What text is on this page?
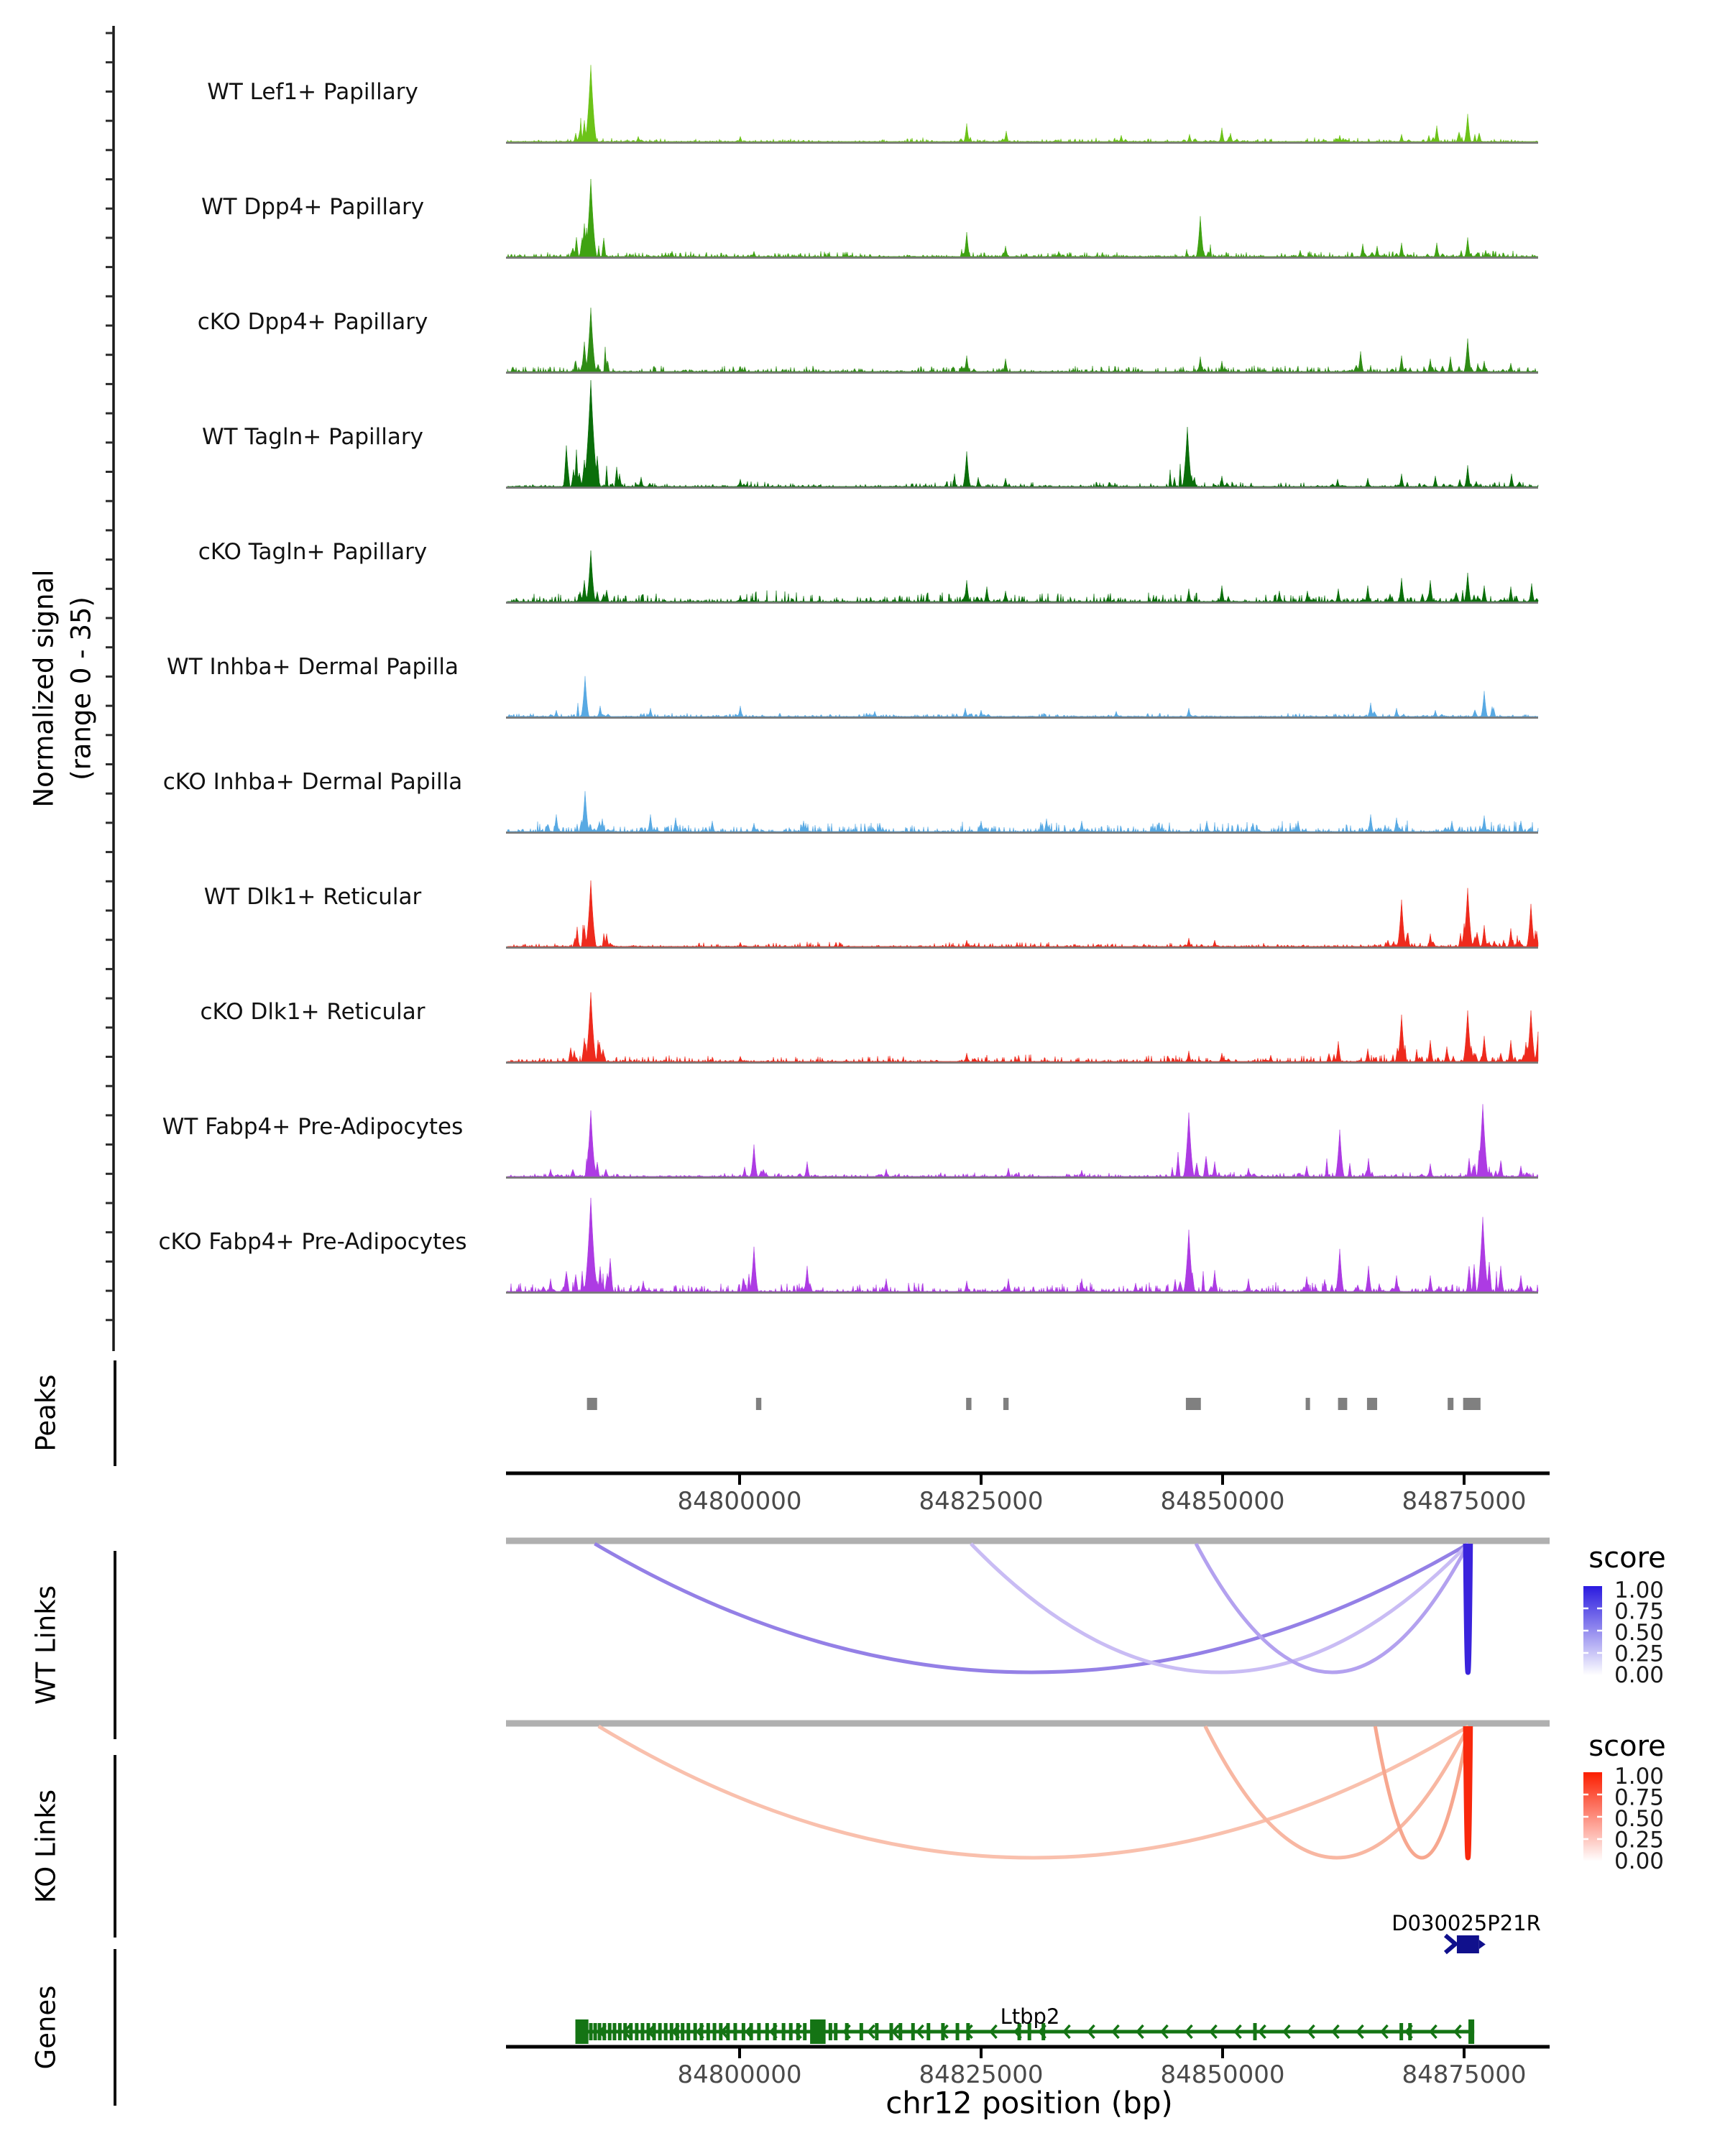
WT Lef1+ Papillary
WT Dpp4+ Papillary
cKO Dpp4+ Papillary
WT Tagln+ Papillary
cKO Tagln+ Papillary
WT Inhba+ Dermal Papilla
cKO Inhba+ Dermal Papilla
WT Dlk1+ Reticular
cKO Dlk1+ Reticular
WT Fabp4+ Pre-Adipocytes
cKO Fabp4+ Pre-Adipocytes
84800000	84825000	84850000	84875000
84800000	84825000	84850000	84875000
1.00
0.75
0.50
0.25
0.00
1.00
0.75
0.50
0.25
0.00
Normalized signal (range 0 - 35)
Peaks
WT Links
KO Links
Genes
score
score
D030025P21R
Ltbp2
chr12 position (bp)
